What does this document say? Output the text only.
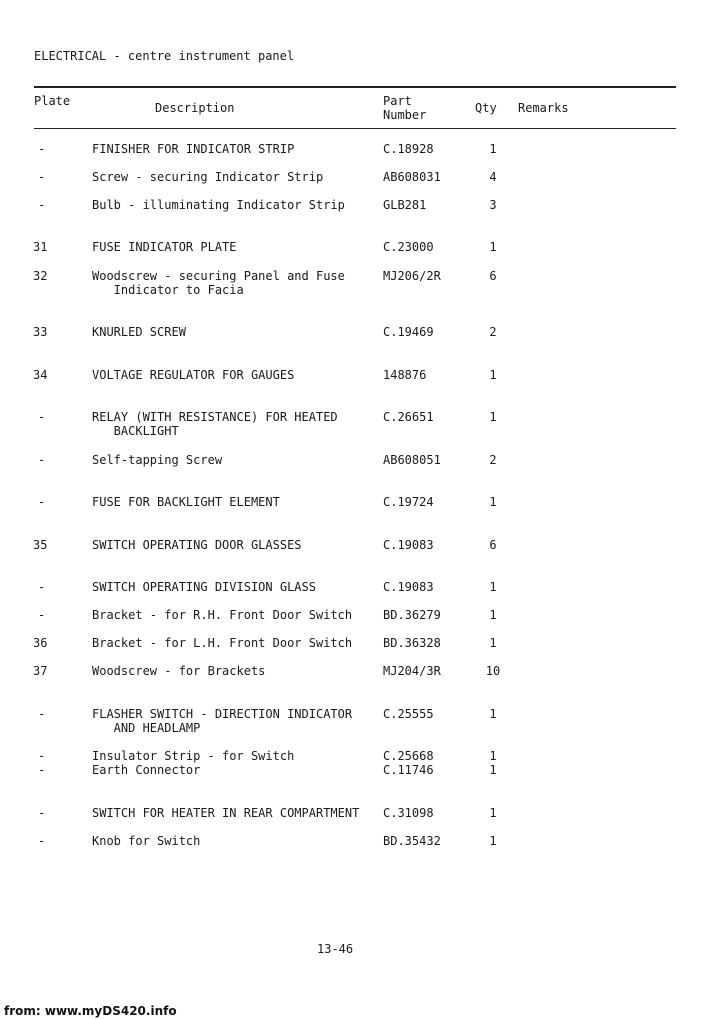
ELECTRICAL - centre instrument panel
Plate	Description	Part
Number	Qty Remarks
-	FINISHER FOR INDICATOR STRIP	C.18928	1
-	Screw - securing Indicator Strip	AB608031	4
-	Bulb - illuminating Indicator Strip	GLB281	3
31	FUSE INDICATOR PLATE	C.23000	1
32	Woodscrew - securing Panel and Fuse
Indicator to Facia
MJ206/2R	6
33	KNURLED SCREW	C.19469	2
34	VOLTAGE REGULATOR FOR GAUGES	148876	1
-	RELAY (WITH RESISTANCE) FOR HEATED
BACKLIGHT
C.26651	1
-	Self-tapping Screw	AB608051	2
-	FUSE FOR BACKLIGHT ELEMENT	C.19724	1
35	SWITCH OPERATING DOOR GLASSES	C.19083	6
-	SWITCH OPERATING DIVISION GLASS	C.19083	1
-	Bracket - for R.H. Front Door Switch	BD.36279	1
36	Bracket - for L.H. Front Door Switch	BD.36328	1
37	Woodscrew - for Brackets	MJ204/3R	10
-	FLASHER SWITCH - DIRECTION INDICATOR
AND HEADLAMP
C.25555	1
-	Insulator Strip - for Switch	C.25668	1
-	Earth Connector	C.11746	1
-	SWITCH FOR HEATER IN REAR COMPARTMENT	C.31098	1
-	Knob for Switch	BD.35432	1
13-46
from: www.myDS420.info
